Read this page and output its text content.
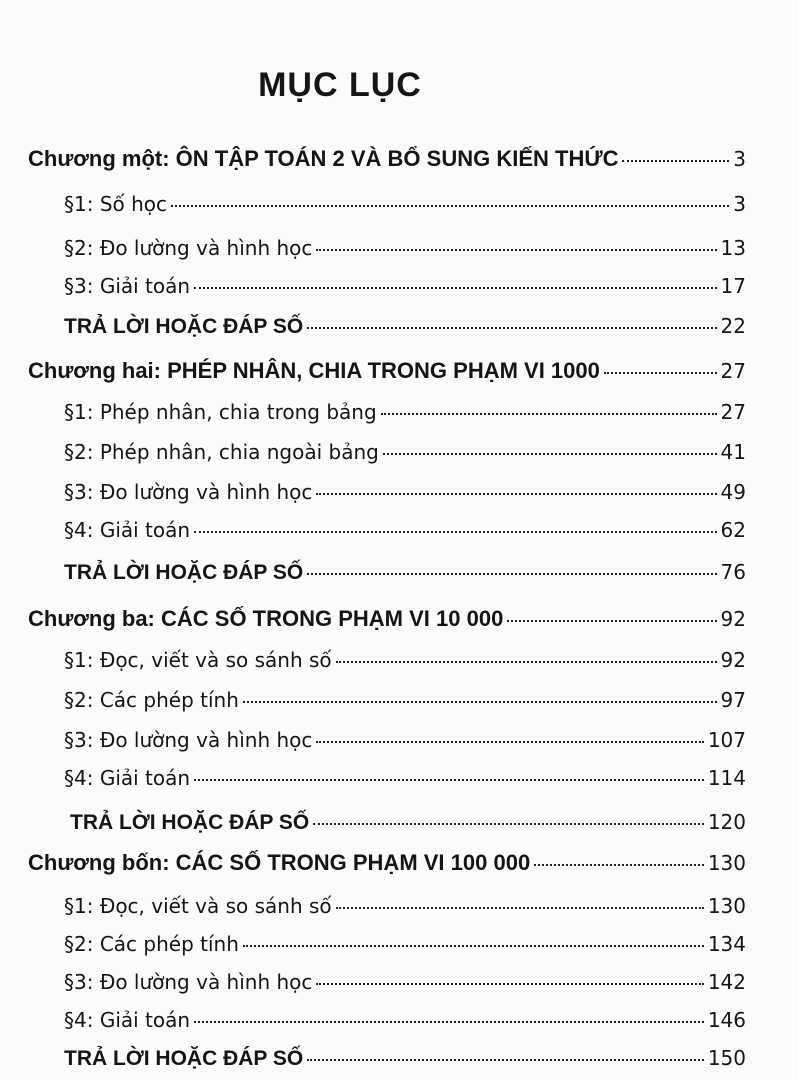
MỤC LỤC
Chương một: ÔN TẬP TOÁN 2 VÀ BỔ SUNG KIẾN THỨC	3
§1: Số học	3
§2: Đo lường và hình học	13
§3: Giải toán	17
TRẢ LỜI HOẶC ĐÁP SỐ	22
Chương hai: PHÉP NHÂN, CHIA TRONG PHẠM VI 1000	27
§1: Phép nhân, chia trong bảng	27
§2: Phép nhân, chia ngoài bảng	41
§3: Đo lường và hình học	49
§4: Giải toán	62
TRẢ LỜI HOẶC ĐÁP SỐ	76
Chương ba: CÁC SỐ TRONG PHẠM VI 10 000	92
§1: Đọc, viết và so sánh số	92
§2: Các phép tính	97
§3: Đo lường và hình học	107
§4: Giải toán	114
TRẢ LỜI HOẶC ĐÁP SỐ	120
Chương bốn: CÁC SỐ TRONG PHẠM VI 100 000	130
§1: Đọc, viết và so sánh số	130
§2: Các phép tính	134
§3: Đo lường và hình học	142
§4: Giải toán	146
TRẢ LỜI HOẶC ĐÁP SỐ	150
